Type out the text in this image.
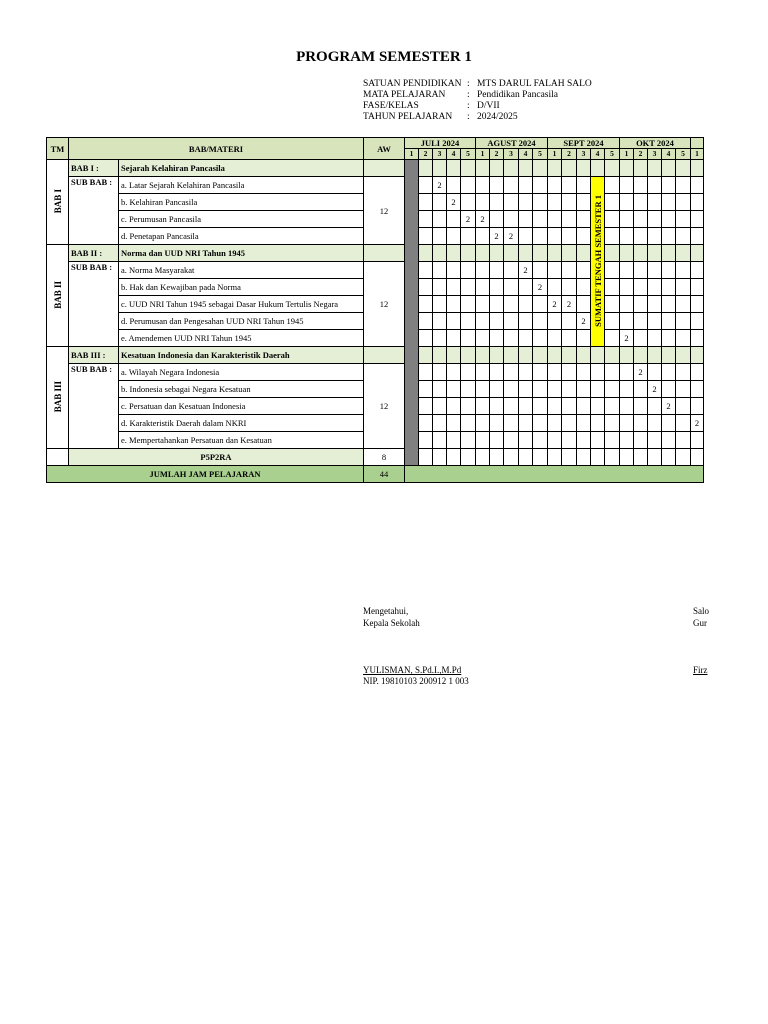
PROGRAM SEMESTER 1
SATUAN PENDIDIKAN : MTS DARUL FALAH SALO
MATA PELAJARAN : Pendidikan Pancasila
FASE/KELAS	: D/VII
TAHUN PELAJARAN : 2024/2025
TM	BAB/MATERI		AW	JULI 2024					AGUST 2024					SEPT 2024					OKT 2024					
				1	2	3	4	5	1	2	3	4	5	1	2	3	4	5	1	2	3	4	5	1
BAB I	BAB I :	Sejarah Kelahiran Pancasila																						
	SUB BAB :	a. Latar Sejarah Kelahiran Pancasila	12			2											SUMATIF TENGAH SEMESTER 1							
		b. Kelahiran Pancasila					2																	
		c. Perumusan Pancasila						2	2															
		d. Penetapan Pancasila								2	2													
BAB II	BAB II :	Norma dan UUD NRI Tahun 1945																						
	SUB BAB :	a. Norma Masyarakat	12									2												
		b. Hak dan Kewajiban pada Norma											2											
		c. UUD NRI Tahun 1945 sebagai Dasar Hukum Tertulis Negara												2	2									
		d. Perumusan dan Pengesahan UUD NRI Tahun 1945														2								
		e. Amendemen UUD NRI Tahun 1945																	2					
BAB III	BAB III :	Kesatuan Indonesia dan Karakteristik Daerah																						
	SUB BAB :	a. Wilayah Negara Indonesia	12																	2				
		b. Indonesia sebagai Negara Kesatuan																			2			
		c. Persatuan dan Kesatuan Indonesia																				2		
		d. Karakteristik Daerah dalam NKRI																						2
		e. Mempertahankan Persatuan dan Kesatuan																						
	P5P2RA		8																					
JUMLAH JAM PELAJARAN			44																					
Mengetahui,
Kepala Sekolah
YULISMAN, S.Pd.I.,M.Pd
NIP. 19810103 200912 1 003
Salo
Gur
Firz
